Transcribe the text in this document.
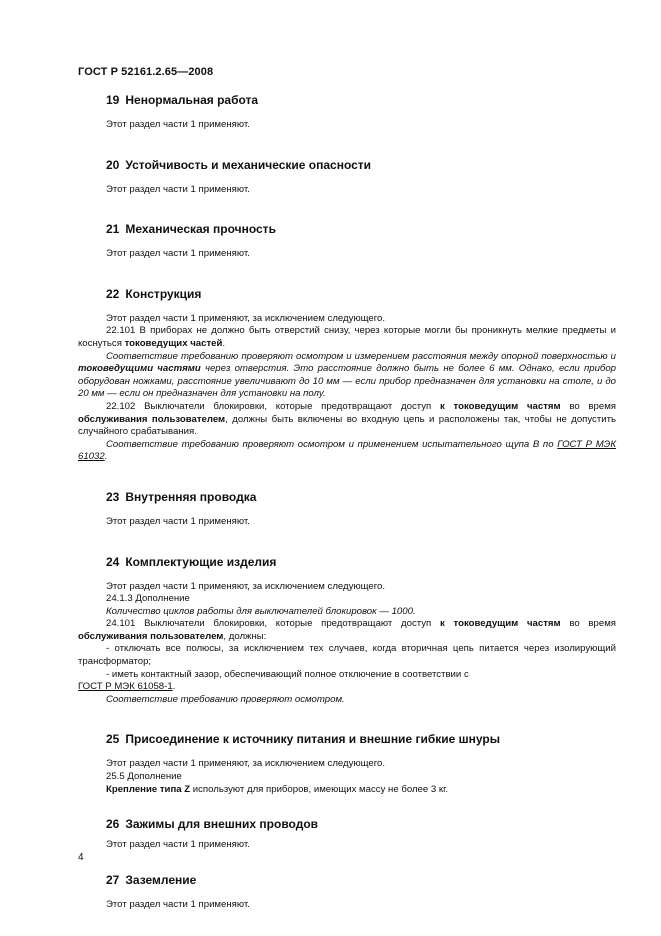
ГОСТ Р 52161.2.65—2008
19 Ненормальная работа

Этот раздел части 1 применяют.

20 Устойчивость и механические опасности

Этот раздел части 1 применяют.

21 Механическая прочность

Этот раздел части 1 применяют.

22 Конструкция

Этот раздел части 1 применяют, за исключением следующего.

22.101 В приборах не должно быть отверстий снизу, через которые могли бы проникнуть мелкие предметы и коснуться токоведущих частей.

Соответствие требованию проверяют осмотром и измерением расстояния между опорной поверхностью и токоведущими частями через отверстия. Это расстояние должно быть не более 6 мм. Однако, если прибор оборудован ножками, расстояние увеличивают до 10 мм — если прибор предназначен для установки на столе, и до 20 мм — если он предназначен для установки на полу.

22.102 Выключатели блокировки, которые предотвращают доступ к токоведущим частям во время обслуживания пользователем, должны быть включены во входную цепь и расположены так, чтобы не допустить случайного срабатывания.

Соответствие требованию проверяют осмотром и применением испытательного щупа В по ГОСТ Р МЭК 61032.

23 Внутренняя проводка

Этот раздел части 1 применяют.

24 Комплектующие изделия

Этот раздел части 1 применяют, за исключением следующего.

24.1.3 Дополнение

Количество циклов работы для выключателей блокировок — 1000.

24.101 Выключатели блокировки, которые предотвращают доступ к токоведущим частям во время обслуживания пользователем, должны:

- отключать все полюсы, за исключением тех случаев, когда вторичная цепь питается через изолирующий трансформатор;

- иметь контактный зазор, обеспечивающий полное отключение в соответствии с

ГОСТ Р МЭК 61058-1.

Соответствие требованию проверяют осмотром.

25 Присоединение к источнику питания и внешние гибкие шнуры

Этот раздел части 1 применяют, за исключением следующего.

25.5 Дополнение

Крепление типа Z используют для приборов, имеющих массу не более 3 кг.

26 Зажимы для внешних проводов

Этот раздел части 1 применяют.

27 Заземление

Этот раздел части 1 применяют.

4
